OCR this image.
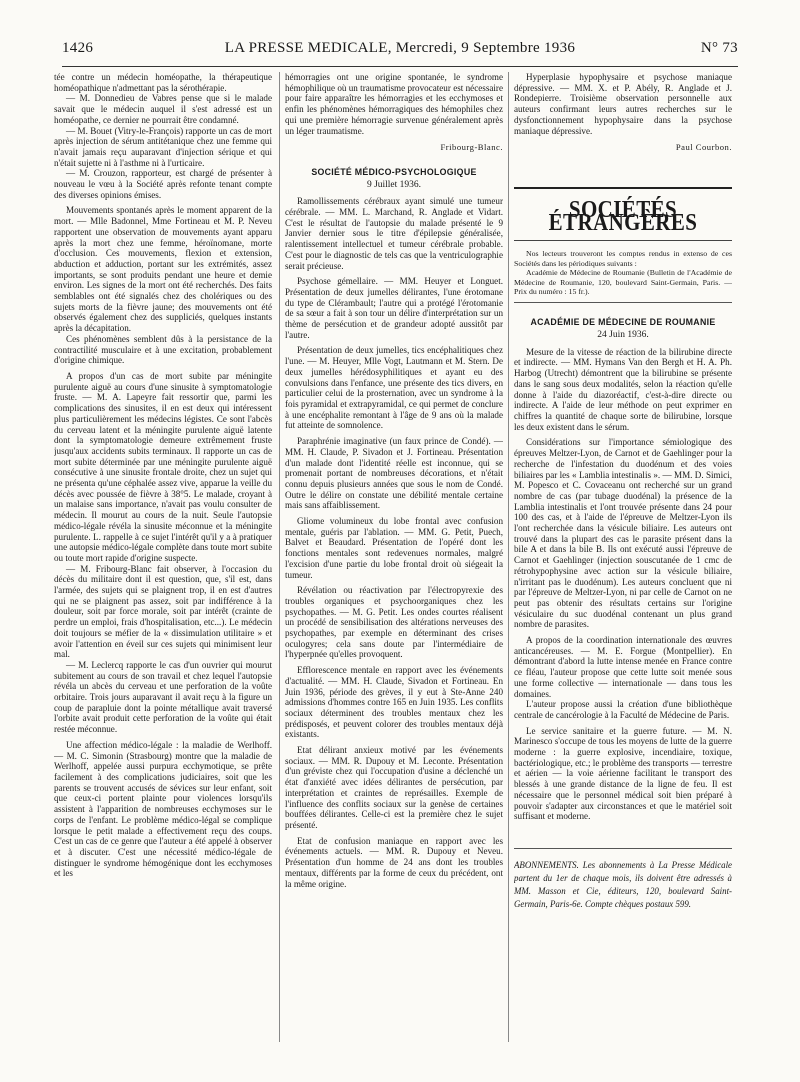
1426	LA PRESSE MEDICALE, Mercredi, 9 Septembre 1936	N° 73

tée contre un médecin homéopathe, la thérapeutique homéopathique n'admettant pas la sérothérapie.

— M. Donnedieu de Vabres pense que si le malade savait que le médecin auquel il s'est adressé est un homéopathe, ce dernier ne pourrait être condamné.

— M. Bouet (Vitry-le-François) rapporte un cas de mort après injection de sérum antitétanique chez une femme qui n'avait jamais reçu auparavant d'injection sérique et qui n'était sujette ni à l'asthme ni à l'urticaire.

— M. Crouzon, rapporteur, est chargé de présenter à nouveau le vœu à la Société après refonte tenant compte des diverses opinions émises.

Mouvements spontanés après le moment apparent de la mort. — Mlle Badonnel, Mme Fortineau et M. P. Neveu rapportent une observation de mouvements ayant apparu après la mort chez une femme, héroïnomane, morte d'occlusion. Ces mouvements, flexion et extension, abduction et adduction, portant sur les extrémités, assez importants, se sont produits pendant une heure et demie environ. Les signes de la mort ont été recherchés. Des faits semblables ont été signalés chez des cholériques ou des sujets morts de la fièvre jaune; des mouvements ont été observés également chez des suppliciés, quelques instants après la décapitation.

Ces phénomènes semblent dûs à la persistance de la contractilité musculaire et à une excitation, probablement d'origine chimique.

A propos d'un cas de mort subite par méningite purulente aiguë au cours d'une sinusite à symptomatologie fruste. — M. A. Lapeyre fait ressortir que, parmi les complications des sinusites, il en est deux qui intéressent plus particulièrement les médecins légistes. Ce sont l'abcès du cerveau latent et la méningite purulente aiguë latente dont la symptomatologie demeure extrêmement fruste jusqu'aux accidents subits terminaux. Il rapporte un cas de mort subite déterminée par une méningite purulente aiguë consécutive à une sinusite frontale droite, chez un sujet qui ne présenta qu'une céphalée assez vive, apparue la veille du décès avec poussée de fièvre à 38°5. Le malade, croyant à un malaise sans importance, n'avait pas voulu consulter de médecin. Il mourut au cours de la nuit. Seule l'autopsie médico-légale révéla la sinusite méconnue et la méningite purulente. L. rappelle à ce sujet l'intérêt qu'il y a à pratiquer une autopsie médico-légale complète dans toute mort subite ou toute mort rapide d'origine suspecte.

— M. Fribourg-Blanc fait observer, à l'occasion du décès du militaire dont il est question, que, s'il est, dans l'armée, des sujets qui se plaignent trop, il en est d'autres qui ne se plaignent pas assez, soit par indifférence à la douleur, soit par force morale, soit par intérêt (crainte de perdre un emploi, frais d'hospitalisation, etc...). Le médecin doit toujours se méfier de la « dissimulation utilitaire » et avoir l'attention en éveil sur ces sujets qui minimisent leur mal.

— M. Leclercq rapporte le cas d'un ouvrier qui mourut subitement au cours de son travail et chez lequel l'autopsie révéla un abcès du cerveau et une perforation de la voûte orbitaire. Trois jours auparavant il avait reçu à la figure un coup de parapluie dont la pointe métallique avait traversé l'orbite avait produit cette perforation de la voûte qui était restée méconnue.

Une affection médico-légale : la maladie de Werlhoff. — M. C. Simonin (Strasbourg) montre que la maladie de Werlhoff, appelée aussi purpura ecchymotique, se prête facilement à des complications judiciaires, soit que les parents se trouvent accusés de sévices sur leur enfant, soit que ceux-ci portent plainte pour violences lorsqu'ils assistent à l'apparition de nombreuses ecchymoses sur le corps de l'enfant. Le problème médico-légal se complique lorsque le petit malade a effectivement reçu des coups. C'est un cas de ce genre que l'auteur a été appelé à observer et à discuter. C'est une nécessité médico-légale de distinguer le syndrome hémogénique dont les ecchymoses et les

hémorragies ont une origine spontanée, le syndrome hémophilique où un traumatisme provocateur est nécessaire pour faire apparaître les hémorragies et les ecchymoses et enfin les phénomènes hémorragiques des hémophiles chez qui une première hémorragie survenue généralement après un léger traumatisme.

Fribourg-Blanc.
SOCIÉTÉ MÉDICO-PSYCHOLOGIQUE
9 Juillet 1936.

Ramollissements cérébraux ayant simulé une tumeur cérébrale. — MM. L. Marchand, R. Anglade et Vidart. C'est le résultat de l'autopsie du malade présenté le 9 Janvier dernier sous le titre d'épilepsie généralisée, ralentissement intellectuel et tumeur cérébrale probable. C'est pour le diagnostic de tels cas que la ventriculographie serait précieuse.

Psychose gémellaire. — MM. Heuyer et Longuet. Présentation de deux jumelles délirantes, l'une érotomane du type de Clérambault; l'autre qui a protégé l'érotomanie de sa sœur a fait à son tour un délire d'interprétation sur un thème de persécution et de grandeur adopté aussitôt par l'autre.

Présentation de deux jumelles, tics encéphalitiques chez l'une. — M. Heuyer, Mlle Vogt, Lautmann et M. Stern. De deux jumelles hérédosyphilitiques et ayant eu des convulsions dans l'enfance, une présente des tics divers, en particulier celui de la prosternation, avec un syndrome à la fois pyramidal et extrapyramidal, ce qui permet de conclure à une encéphalite remontant à l'âge de 9 ans où la malade fut atteinte de somnolence.

Paraphrénie imaginative (un faux prince de Condé). — MM. H. Claude, P. Sivadon et J. Fortineau. Présentation d'un malade dont l'identité réelle est inconnue, qui se promenait portant de nombreuses décorations, et n'était connu depuis plusieurs années que sous le nom de Condé. Outre le délire on constate une débilité mentale certaine mais sans affaiblissement.

Gliome volumineux du lobe frontal avec confusion mentale, guéris par l'ablation. — MM. G. Petit, Puech, Balvet et Beaudard. Présentation de l'opéré dont les fonctions mentales sont redevenues normales, malgré l'excision d'une partie du lobe frontal droit où siégeait la tumeur.

Révélation ou réactivation par l'électropyrexie des troubles organiques et psychoorganiques chez les psychopathes. — M. G. Petit. Les ondes courtes réalisent un procédé de sensibilisation des altérations nerveuses des psychopathes, par exemple en déterminant des crises oculogyres; cela sans doute par l'intermédiaire de l'hyperpnée qu'elles provoquent.

Efflorescence mentale en rapport avec les événements d'actualité. — MM. H. Claude, Sivadon et Fortineau. En Juin 1936, période des grèves, il y eut à Ste-Anne 240 admissions d'hommes contre 165 en Juin 1935. Les conflits sociaux déterminent des troubles mentaux chez les prédisposés, et peuvent colorer des troubles mentaux déjà existants.

Etat délirant anxieux motivé par les événements sociaux. — MM. R. Dupouy et M. Leconte. Présentation d'un gréviste chez qui l'occupation d'usine a déclenché un état d'anxiété avec idées délirantes de persécution, par interprétation et craintes de représailles. Exemple de l'influence des conflits sociaux sur la genèse de certaines bouffées délirantes. Celle-ci est la première chez le sujet présenté.

Etat de confusion maniaque en rapport avec les événements actuels. — MM. R. Dupouy et Neveu. Présentation d'un homme de 24 ans dont les troubles mentaux, différents par la forme de ceux du précédent, ont la même origine.

Hyperplasie hypophysaire et psychose maniaque dépressive. — MM. X. et P. Abély, R. Anglade et J. Rondepierre. Troisième observation personnelle aux auteurs confirmant leurs autres recherches sur le dysfonctionnement hypophysaire dans la psychose maniaque dépressive.

Paul Courbon.
SOCIÉTÉS ÉTRANGÈRES

Nos lecteurs trouveront les comptes rendus in extenso de ces Sociétés dans les périodiques suivants :

Académie de Médecine de Roumanie (Bulletin de l'Académie de Médecine de Roumanie, 120, boulevard Saint-Germain, Paris. — Prix du numéro : 15 fr.).

ACADÉMIE DE MÉDECINE DE ROUMANIE
24 Juin 1936.

Mesure de la vitesse de réaction de la bilirubine directe et indirecte. — MM. Hymans Van den Bergh et H. A. Ph. Harbog (Utrecht) démontrent que la bilirubine se présente dans le sang sous deux modalités, selon la réaction qu'elle donne à l'aide du diazoréactif, c'est-à-dire directe ou indirecte. A l'aide de leur méthode on peut exprimer en chiffres la quantité de chaque sorte de bilirubine, lorsque les deux existent dans le sérum.

Considérations sur l'importance sémiologique des épreuves Meltzer-Lyon, de Carnot et de Gaehlinger pour la recherche de l'infestation du duodénum et des voies biliaires par les « Lamblia intestinalis ». — MM. D. Simici, M. Popesco et C. Covaceanu ont recherché sur un grand nombre de cas (par tubage duodénal) la présence de la Lamblia intestinalis et l'ont trouvée présente dans 24 pour 100 des cas, et à l'aide de l'épreuve de Meltzer-Lyon ils l'ont recherchée dans la vésicule biliaire. Les auteurs ont trouvé dans la plupart des cas le parasite présent dans la bile A et dans la bile B. Ils ont exécuté aussi l'épreuve de Carnot et Gaehlinger (injection souscutanée de 1 cmc de rétrohypophysine avec action sur la vésicule biliaire, n'irritant pas le duodénum). Les auteurs concluent que ni par l'épreuve de Meltzer-Lyon, ni par celle de Carnot on ne peut pas obtenir des résultats certains sur l'origine vésiculaire du suc duodénal contenant un plus grand nombre de parasites.

A propos de la coordination internationale des œuvres anticancéreuses. — M. E. Forgue (Montpellier). En démontrant d'abord la lutte intense menée en France contre ce fléau, l'auteur propose que cette lutte soit menée sous une forme collective — internationale — dans tous les domaines.

L'auteur propose aussi la création d'une bibliothèque centrale de cancérologie à la Faculté de Médecine de Paris.

Le service sanitaire et la guerre future. — M. N. Marinesco s'occupe de tous les moyens de lutte de la guerre moderne : la guerre explosive, incendiaire, toxique, bactériologique, etc.; le problème des transports — terrestre et aérien — la voie aérienne facilitant le transport des blessés à une grande distance de la ligne de feu. Il est nécessaire que le personnel médical soit bien préparé à pouvoir s'adapter aux circonstances et que le matériel soit suffisant et moderne.

ABONNEMENTS. Les abonnements à La Presse Médicale partent du 1er de chaque mois, ils doivent être adressés à MM. Masson et Cie, éditeurs, 120, boulevard Saint-Germain, Paris-6e. Compte chèques postaux 599.
